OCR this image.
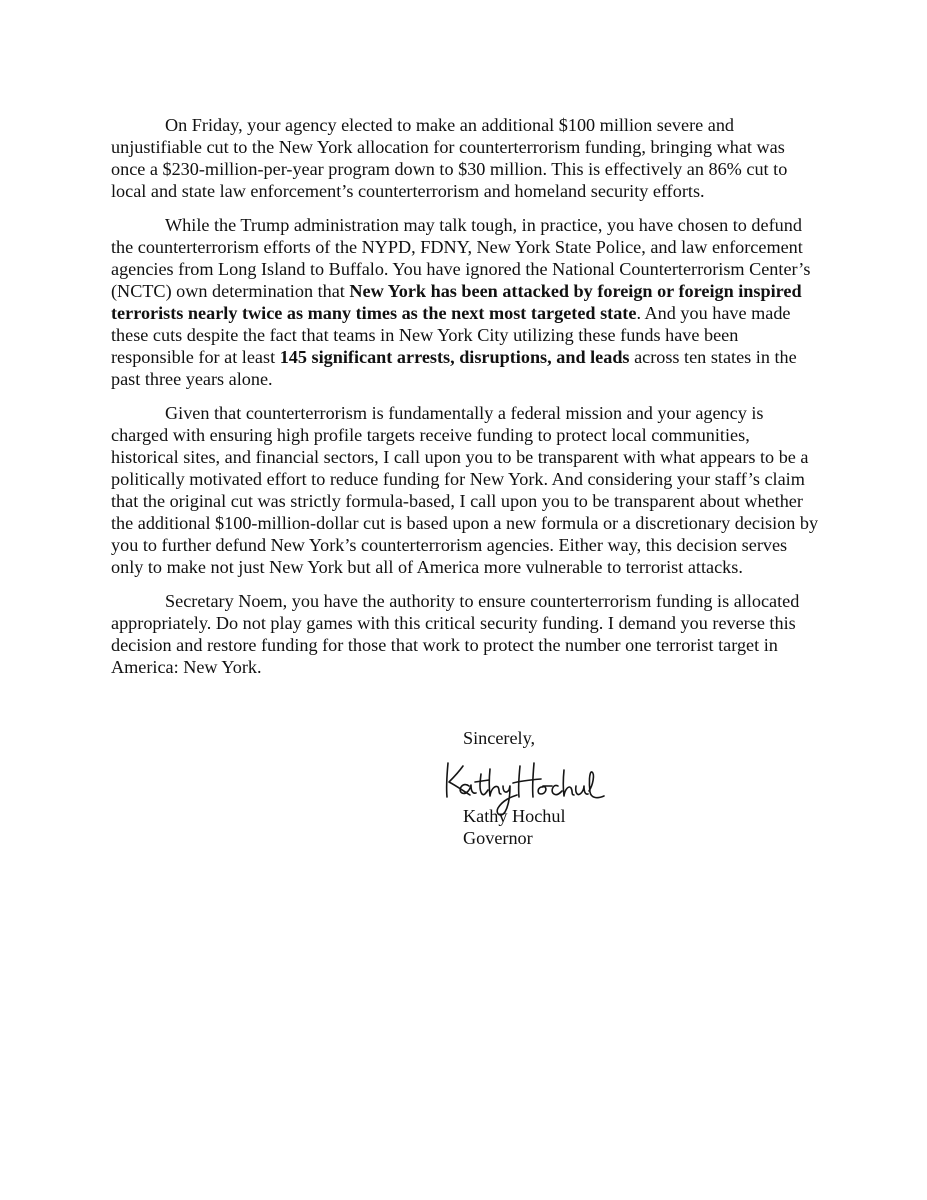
On Friday, your agency elected to make an additional $100 million severe and
unjustifiable cut to the New York allocation for counterterrorism funding, bringing what was
once a $230-million-per-year program down to $30 million. This is effectively an 86% cut to
local and state law enforcement’s counterterrorism and homeland security efforts.
While the Trump administration may talk tough, in practice, you have chosen to defund
the counterterrorism efforts of the NYPD, FDNY, New York State Police, and law enforcement
agencies from Long Island to Buffalo. You have ignored the National Counterterrorism Center’s
(NCTC) own determination that New York has been attacked by foreign or foreign inspired
terrorists nearly twice as many times as the next most targeted state. And you have made
these cuts despite the fact that teams in New York City utilizing these funds have been
responsible for at least 145 significant arrests, disruptions, and leads across ten states in the
past three years alone.
Given that counterterrorism is fundamentally a federal mission and your agency is
charged with ensuring high profile targets receive funding to protect local communities,
historical sites, and financial sectors, I call upon you to be transparent with what appears to be a
politically motivated effort to reduce funding for New York. And considering your staff’s claim
that the original cut was strictly formula-based, I call upon you to be transparent about whether
the additional $100-million-dollar cut is based upon a new formula or a discretionary decision by
you to further defund New York’s counterterrorism agencies. Either way, this decision serves
only to make not just New York but all of America more vulnerable to terrorist attacks.
Secretary Noem, you have the authority to ensure counterterrorism funding is allocated
appropriately. Do not play games with this critical security funding. I demand you reverse this
decision and restore funding for those that work to protect the number one terrorist target in
America: New York.
Sincerely,
Kathy Hochul
Governor
